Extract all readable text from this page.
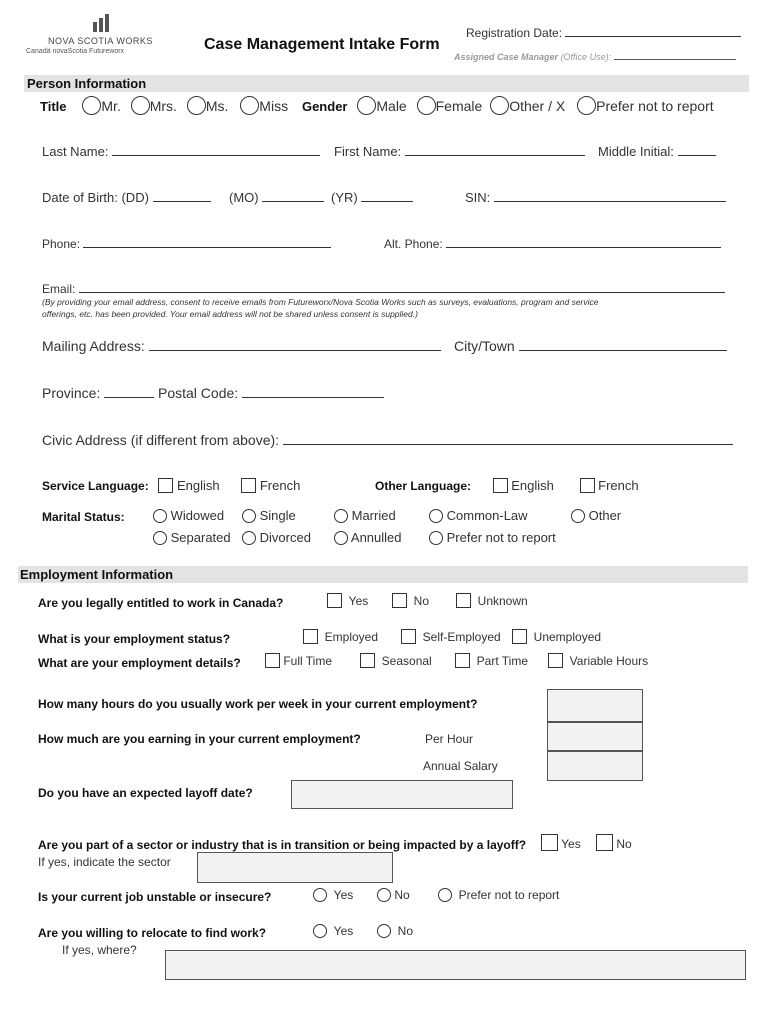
NOVA SCOTIA WORKS
Canadä novaScotia Futureworx	Case Management Intake Form
Registration Date:
Assigned Case Manager (Office Use):
Person Information
Title Mr. Mrs. Ms. Miss Gender Male Female Other / X Prefer not to report
Last Name:	First Name:	Middle Initial:
Date of Birth: (DD)	(MO)	(YR)	SIN:
Phone:	Alt. Phone:
Email:
(By providing your email address, consent to receive emails from Futureworx/Nova Scotia Works such as surveys, evaluations, program and service
offerings, etc. has been provided. Your email address will not be shared unless consent is supplied.)
Mailing Address:	City/Town
Province:	Postal Code:
Civic Address (if different from above):
Service Language: English	French	Other Language:	English	French
Marital Status:	Widowed	Single	Married	Common-Law	Other
Separated	Divorced	Annulled	Prefer not to report
Employment Information
Are you legally entitled to work in Canada?	Yes	No	Unknown
What is your employment status?	Employed	Self-Employed	Unemployed
What are your employment details?	Full Time	Seasonal	Part Time	Variable Hours
How many hours do you usually work per week in your current employment?
How much are you earning in your current employment?	Per Hour
Annual Salary
Do you have an expected layoff date?
Are you part of a sector or industry that is in transition or being impacted by a layoff?	Yes	No
If yes, indicate the sector
Is your current job unstable or insecure?	Yes	No	Prefer not to report
Are you willing to relocate to find work?	Yes	No
If yes, where?
